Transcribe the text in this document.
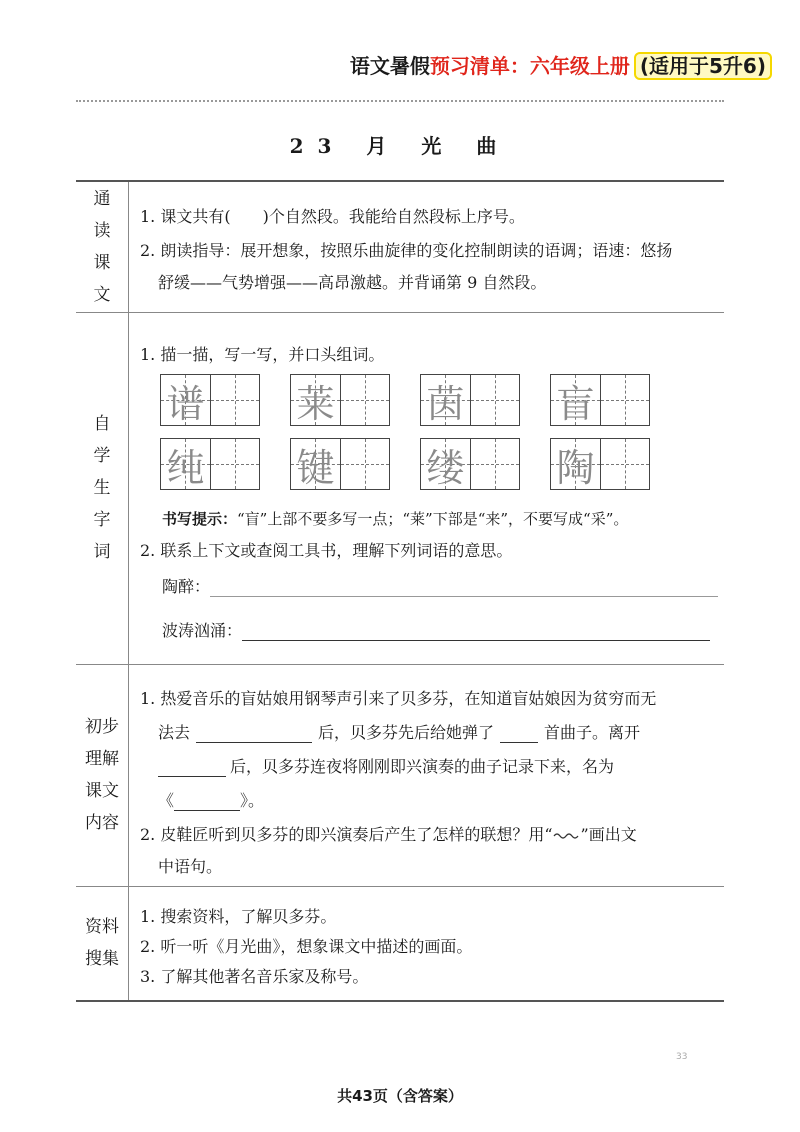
语文暑假预习清单：六年级上册 (适用于5升6)
23 月 光 曲
通读课文
1. 课文共有( )个自然段。我能给自然段标上序号。
2. 朗读指导：展开想象，按照乐曲旋律的变化控制朗读的语调；语速：悠扬
舒缓——气势增强——高昂激越。并背诵第 9 自然段。
自学生字词
1. 描一描，写一写，并口头组词。
谱 莱 茵 盲
纯 键 缕 陶
书写提示：“盲”上部不要多写一点；“莱”下部是“来”，不要写成“采”。
2. 联系上下文或查阅工具书，理解下列词语的意思。
陶醉：
波涛汹涌：
初步理解课文内容
1. 热爱音乐的盲姑娘用钢琴声引来了贝多芬，在知道盲姑娘因为贫穷而无
法去	后，贝多芬先后给她弹了	首曲子。离开
后，贝多芬连夜将刚刚即兴演奏的曲子记录下来，名为
《	》。
2. 皮鞋匠听到贝多芬的即兴演奏后产生了怎样的联想？用“ ”画出文
中语句。
资料搜集
1. 搜索资料，了解贝多芬。
2. 听一听《月光曲》，想象课文中描述的画面。
3. 了解其他著名音乐家及称号。
33
共43页（含答案）
